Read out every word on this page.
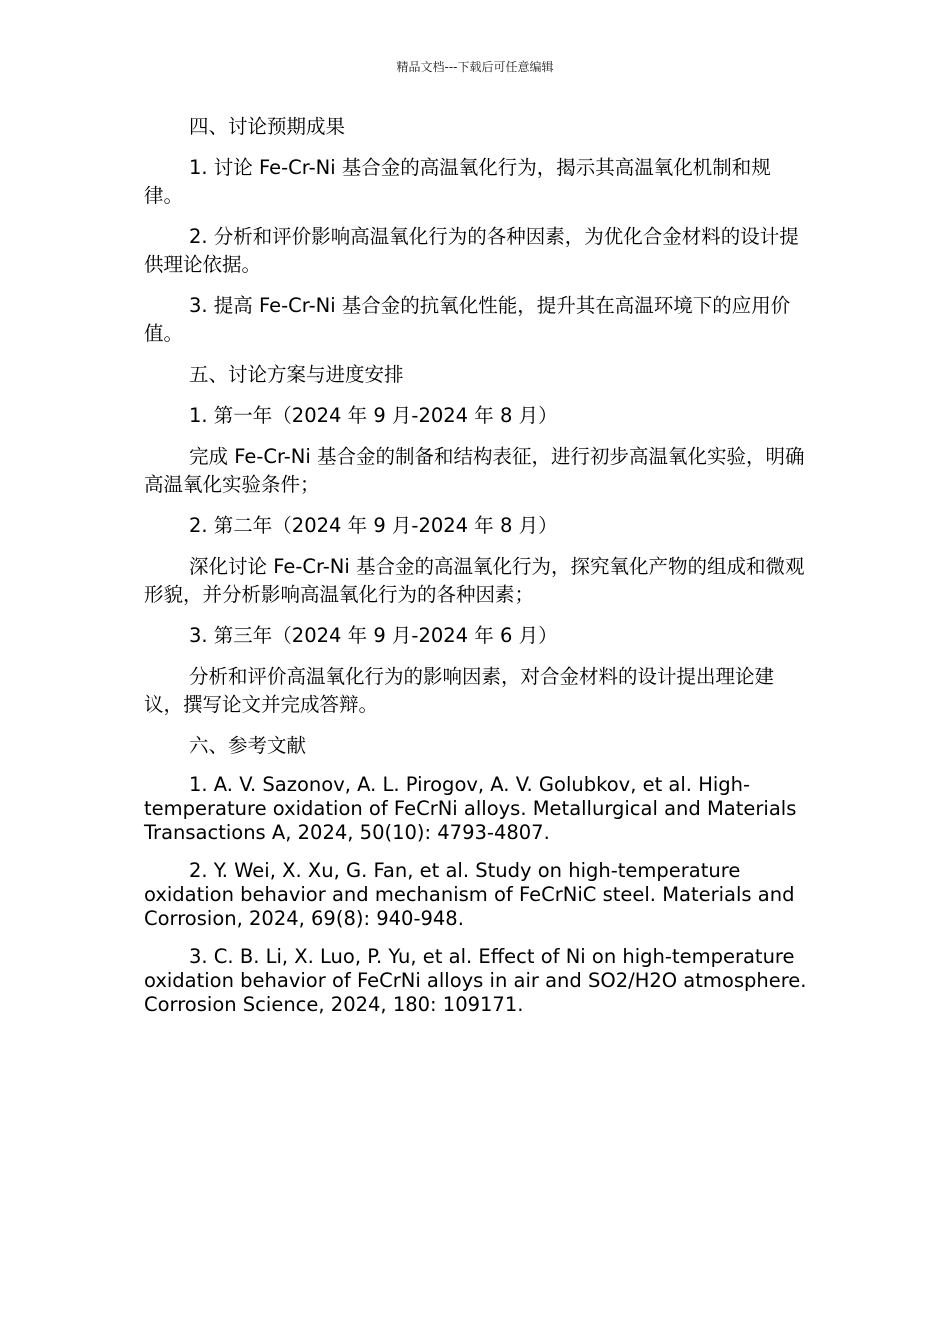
精品文档---下载后可任意编辑

四、讨论预期成果

1. 讨论 Fe-Cr-Ni 基合金的高温氧化行为，揭示其高温氧化机制和规律。

2. 分析和评价影响高温氧化行为的各种因素，为优化合金材料的设计提供理论依据。

3. 提高 Fe-Cr-Ni 基合金的抗氧化性能，提升其在高温环境下的应用价值。

五、讨论方案与进度安排

1. 第一年（2024 年 9 月-2024 年 8 月）

完成 Fe-Cr-Ni 基合金的制备和结构表征，进行初步高温氧化实验，明确高温氧化实验条件；

2. 第二年（2024 年 9 月-2024 年 8 月）

深化讨论 Fe-Cr-Ni 基合金的高温氧化行为，探究氧化产物的组成和微观形貌，并分析影响高温氧化行为的各种因素；

3. 第三年（2024 年 9 月-2024 年 6 月）

分析和评价高温氧化行为的影响因素，对合金材料的设计提出理论建议，撰写论文并完成答辩。

六、参考文献

1. A. V. Sazonov, A. L. Pirogov, A. V. Golubkov, et al. High-temperature oxidation of FeCrNi alloys. Metallurgical and Materials Transactions A, 2024, 50(10): 4793-4807.

2. Y. Wei, X. Xu, G. Fan, et al. Study on high-temperature oxidation behavior and mechanism of FeCrNiC steel. Materials and Corrosion, 2024, 69(8): 940-948.

3. C. B. Li, X. Luo, P. Yu, et al. Effect of Ni on high-temperature oxidation behavior of FeCrNi alloys in air and SO2/H2O atmosphere. Corrosion Science, 2024, 180: 109171.
